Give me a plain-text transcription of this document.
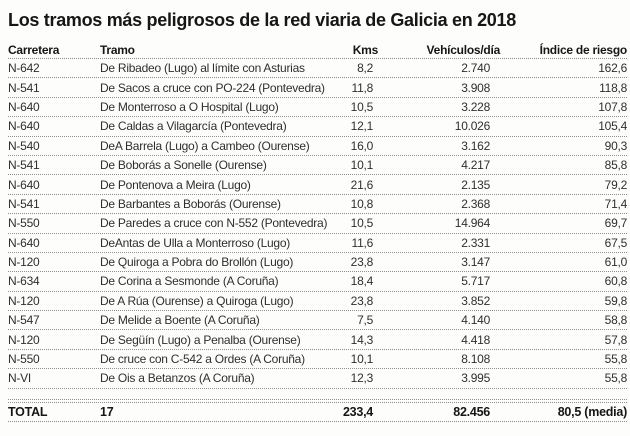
Los tramos más peligrosos de la red viaria de Galicia en 2018
Carretera	Tramo	Kms	Vehículos/día	Índice de riesgo
N-642	De Ribadeo (Lugo) al límite con Asturias	8,2	2.740	162,6
N-541	De Sacos a cruce con PO-224 (Pontevedra)	11,8	3.908	118,8
N-640	De Monterroso a O Hospital (Lugo)	10,5	3.228	107,8
N-640	De Caldas a Vilagarcía (Pontevedra)	12,1	10.026	105,4
N-540	DeA Barrela (Lugo) a Cambeo (Ourense)	16,0	3.162	90,3
N-541	De Boborás a Sonelle (Ourense)	10,1	4.217	85,8
N-640	De Pontenova a Meira (Lugo)	21,6	2.135	79,2
N-541	De Barbantes a Boborás (Ourense)	10,8	2.368	71,4
N-550	De Paredes a cruce con N-552 (Pontevedra)	10,5	14.964	69,7
N-640	DeAntas de Ulla a Monterroso (Lugo)	11,6	2.331	67,5
N-120	De Quiroga a Pobra do Brollón (Lugo)	23,8	3.147	61,0
N-634	De Corina a Sesmonde (A Coruña)	18,4	5.717	60,8
N-120	De A Rúa (Ourense) a Quiroga (Lugo)	23,8	3.852	59,8
N-547	De Melide a Boente (A Coruña)	7,5	4.140	58,8
N-120	De Següín (Lugo) a Penalba (Ourense)	14,3	4.418	57,8
N-550	De cruce con C-542 a Ordes (A Coruña)	10,1	8.108	55,8
N-VI	De Ois a Betanzos (A Coruña)	12,3	3.995	55,8
TOTAL	17	233,4	82.456	80,5 (media)
